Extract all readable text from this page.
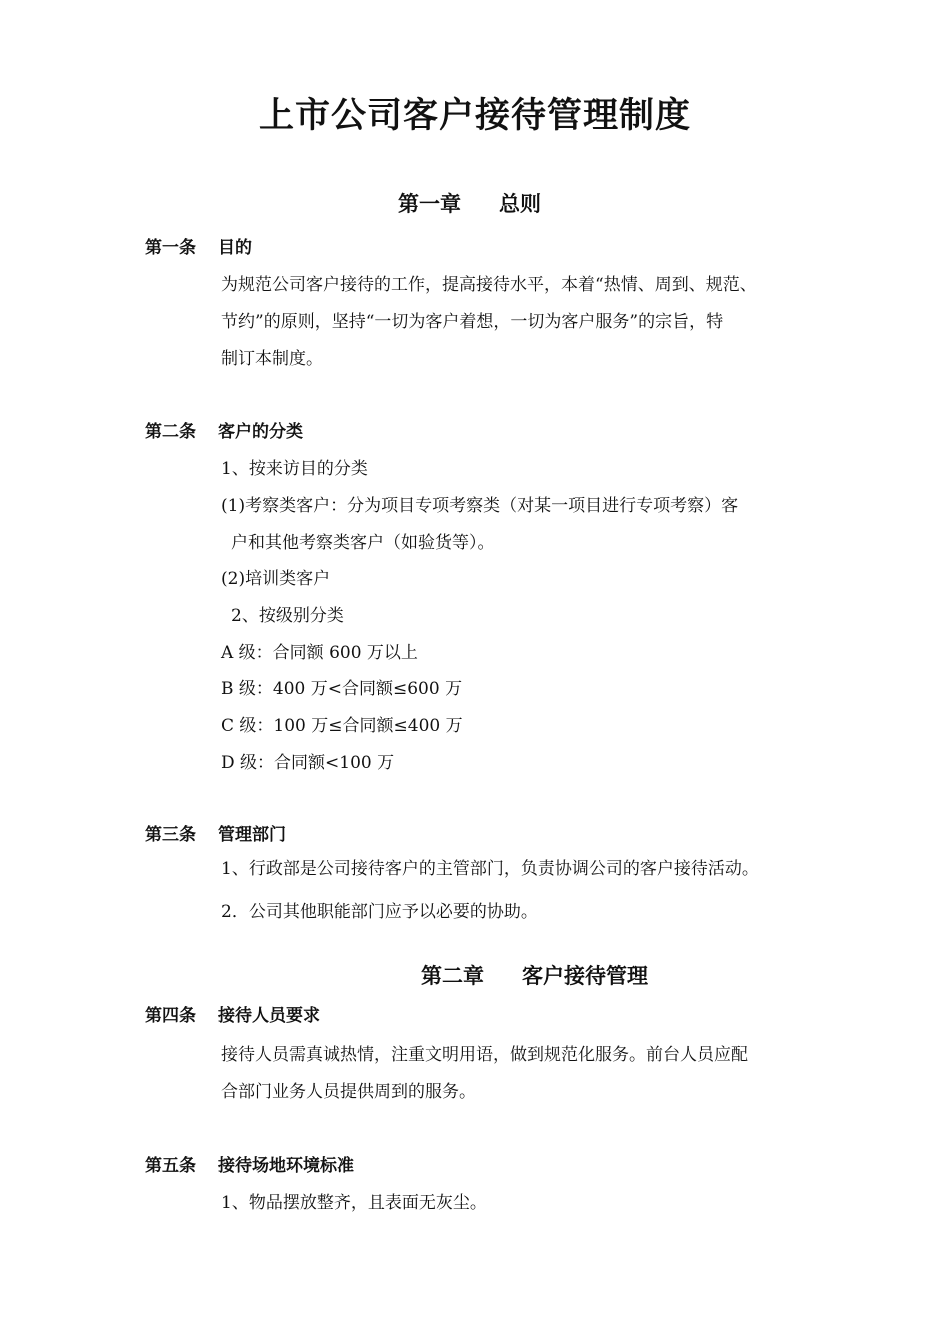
上市公司客户接待管理制度
第一章 总则
第一条 目的
为规范公司客户接待的工作，提高接待水平，本着“热情、周到、规范、
节约”的原则，坚持“一切为客户着想，一切为客户服务”的宗旨，特
制订本制度。
第二条 客户的分类
1、按来访目的分类
(1)考察类客户：分为项目专项考察类（对某一项目进行专项考察）客
户和其他考察类客户（如验货等）。
(2)培训类客户
2、按级别分类
A 级：合同额 600 万以上
B 级：400 万<合同额≤600 万
C 级：100 万≤合同额≤400 万
D 级：合同额<100 万
第三条 管理部门
1、行政部是公司接待客户的主管部门，负责协调公司的客户接待活动。
2．公司其他职能部门应予以必要的协助。
第二章 客户接待管理
第四条 接待人员要求
接待人员需真诚热情，注重文明用语，做到规范化服务。前台人员应配
合部门业务人员提供周到的服务。
第五条 接待场地环境标准
1、物品摆放整齐，且表面无灰尘。
